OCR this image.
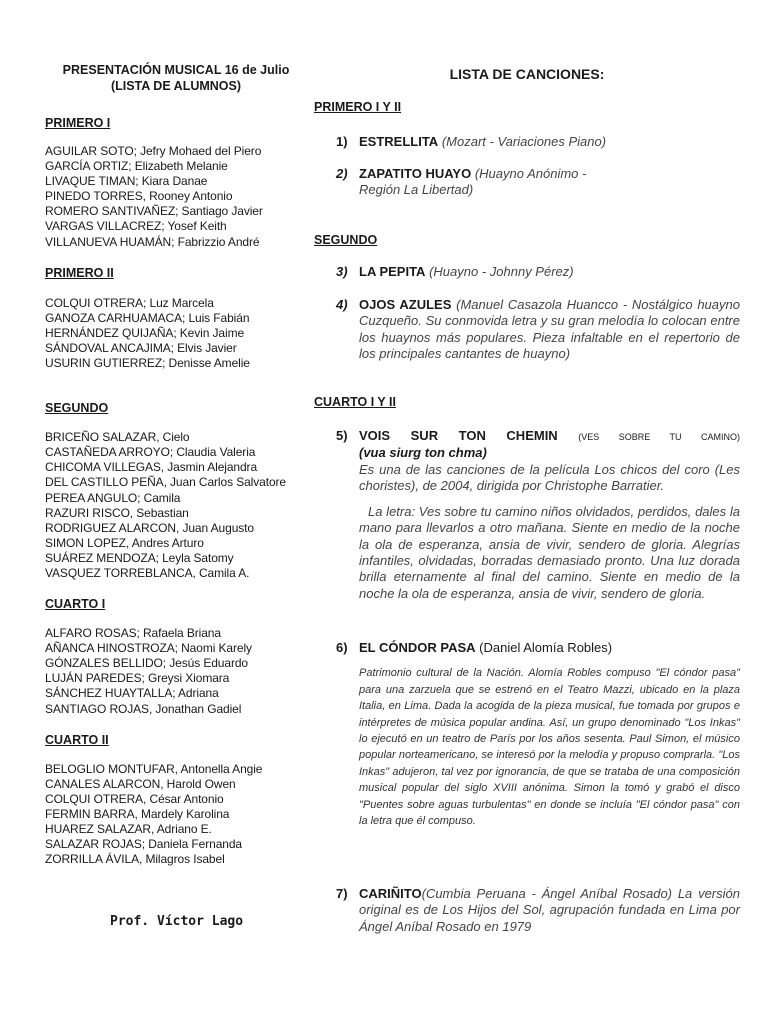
PRESENTACIÓN MUSICAL 16 de Julio
(LISTA DE ALUMNOS)

PRIMERO I

AGUILAR SOTO; Jefry Mohaed del Piero
GARCÍA ORTIZ; Elizabeth Melanie
LIVAQUE TIMAN; Kiara Danae
PINEDO TORRES, Rooney Antonio
ROMERO SANTIVAÑEZ; Santiago Javier
VARGAS VILLACREZ; Yosef Keith
VILLANUEVA HUAMÁN; Fabrizzio André

PRIMERO II

COLQUI OTRERA; Luz Marcela
GANOZA CARHUAMACA; Luis Fabián
HERNÁNDEZ QUIJAÑA; Kevin Jaime
SÁNDOVAL ANCAJIMA; Elvis Javier
USURIN GUTIERREZ; Denisse Amelie

SEGUNDO

BRICEÑO SALAZAR, Cielo
CASTAÑEDA ARROYO; Claudia Valeria
CHICOMA VILLEGAS, Jasmin Alejandra
DEL CASTILLO PEÑA, Juan Carlos Salvatore
PEREA ANGULO; Camila
RAZURI RISCO, Sebastian
RODRIGUEZ ALARCON, Juan Augusto
SIMON LOPEZ, Andres Arturo
SUÁREZ MENDOZA; Leyla Satomy
VASQUEZ TORREBLANCA, Camila A.

CUARTO I

ALFARO ROSAS; Rafaela Briana
AÑANCA HINOSTROZA; Naomi Karely
GÓNZALES BELLIDO; Jesús Eduardo
LUJÁN PAREDES; Greysi Xiomara
SÁNCHEZ HUAYTALLA; Adriana
SANTIAGO ROJAS, Jonathan Gadiel

CUARTO II

BELOGLIO MONTUFAR, Antonella Angie
CANALES ALARCON, Harold Owen
COLQUI OTRERA, César Antonio
FERMIN BARRA, Mardely Karolina
HUAREZ SALAZAR, Adriano E.
SALAZAR ROJAS; Daniela Fernanda
ZORRILLA ÁVILA, Milagros Isabel
Prof. Víctor Lago

LISTA DE CANCIONES:

PRIMERO I Y II

1) ESTRELLITA (Mozart - Variaciones Piano)
2) ZAPATITO HUAYO (Huayno Anónimo - Región La Libertad)

SEGUNDO

3) LA PEPITA (Huayno - Johnny Pérez)
4) OJOS AZULES (Manuel Casazola Huancco - Nostálgico huayno Cuzqueño. Su conmovida letra y su gran melodía lo colocan entre los huaynos más populares. Pieza infaltable en el repertorio de los principales cantantes de huayno)

CUARTO I Y II

5) VOIS SUR TON CHEMIN (VES SOBRE TU CAMINO)
(vua siurg ton chma)
Es una de las canciones de la película Los chicos del coro (Les choristes), de 2004, dirigida por Christophe Barratier.
La letra: Ves sobre tu camino niños olvidados, perdidos, dales la mano para llevarlos a otro mañana. Siente en medio de la noche la ola de esperanza, ansia de vivir, sendero de gloria. Alegrías infantiles, olvidadas, borradas demasiado pronto. Una luz dorada brilla eternamente al final del camino. Siente en medio de la noche la ola de esperanza, ansia de vivir, sendero de gloria.
6) EL CÓNDOR PASA (Daniel Alomía Robles)
Patrimonio cultural de la Nación. Alomía Robles compuso "El cóndor pasa" para una zarzuela que se estrenó en el Teatro Mazzi, ubicado en la plaza Italia, en Lima. Dada la acogida de la pieza musical, fue tomada por grupos e intérpretes de música popular andina. Así, un grupo denominado "Los Inkas" lo ejecutó en un teatro de París por los años sesenta. Paul Simon, el músico popular norteamericano, se interesó por la melodía y propuso comprarla. "Los Inkas" adujeron, tal vez por ignorancia, de que se trataba de una composición musical popular del siglo XVIII anónima. Simon la tomó y grabó el disco "Puentes sobre aguas turbulentas" en donde se incluía "El cóndor pasa" con la letra que él compuso.
7) CARIÑITO(Cumbia Peruana - Ángel Aníbal Rosado) La versión original es de Los Hijos del Sol, agrupación fundada en Lima por Ángel Aníbal Rosado en 1979
